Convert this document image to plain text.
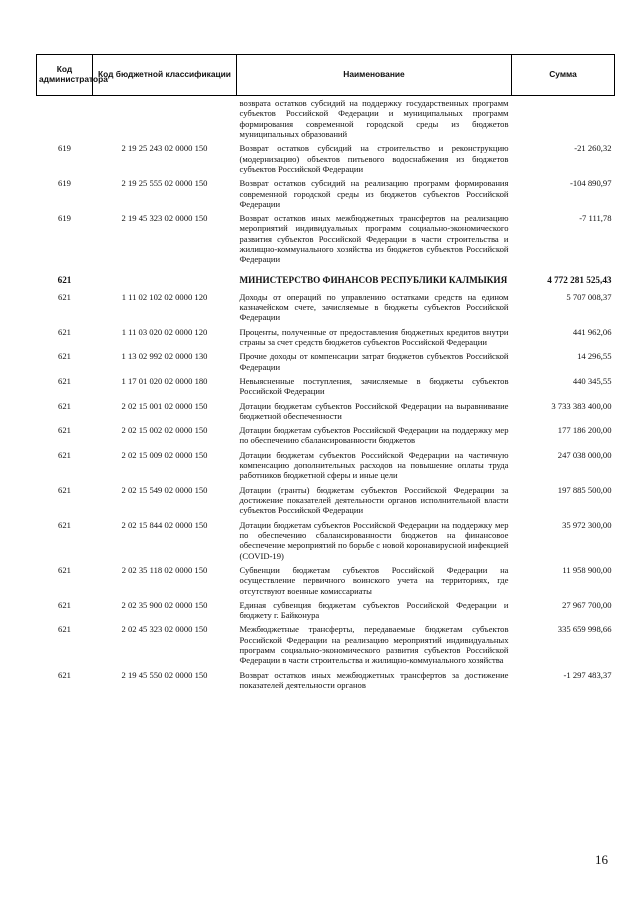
Код администратора	Код бюджетной классификации	Наименование	Сумма
		возврата остатков субсидий на поддержку государственных программ субъектов Российской Федерации и муниципальных программ формирования современной городской среды из бюджетов муниципальных образований	
619	2 19 25 243 02 0000 150	Возврат остатков субсидий на строительство и реконструкцию (модернизацию) объектов питьевого водоснабжения из бюджетов субъектов Российской Федерации	-21 260,32
619	2 19 25 555 02 0000 150	Возврат остатков субсидий на реализацию программ формирования современной городской среды из бюджетов субъектов Российской Федерации	-104 890,97
619	2 19 45 323 02 0000 150	Возврат остатков иных межбюджетных трансфертов на реализацию мероприятий индивидуальных программ социально-экономического развития субъектов Российской Федерации в части строительства и жилищно-коммунального хозяйства из бюджетов субъектов Российской Федерации	-7 111,78
621		МИНИСТЕРСТВО ФИНАНСОВ РЕСПУБЛИКИ КАЛМЫКИЯ	4 772 281 525,43
621	1 11 02 102 02 0000 120	Доходы от операций по управлению остатками средств на едином казначейском счете, зачисляемые в бюджеты субъектов Российской Федерации	5 707 008,37
621	1 11 03 020 02 0000 120	Проценты, полученные от предоставления бюджетных кредитов внутри страны за счет средств бюджетов субъектов Российской Федерации	441 962,06
621	1 13 02 992 02 0000 130	Прочие доходы от компенсации затрат бюджетов субъектов Российской Федерации	14 296,55
621	1 17 01 020 02 0000 180	Невыясненные поступления, зачисляемые в бюджеты субъектов Российской Федерации	440 345,55
621	2 02 15 001 02 0000 150	Дотации бюджетам субъектов Российской Федерации на выравнивание бюджетной обеспеченности	3 733 383 400,00
621	2 02 15 002 02 0000 150	Дотации бюджетам субъектов Российской Федерации на поддержку мер по обеспечению сбалансированности бюджетов	177 186 200,00
621	2 02 15 009 02 0000 150	Дотации бюджетам субъектов Российской Федерации на частичную компенсацию дополнительных расходов на повышение оплаты труда работников бюджетной сферы и иные цели	247 038 000,00
621	2 02 15 549 02 0000 150	Дотации (гранты) бюджетам субъектов Российской Федерации за достижение показателей деятельности органов исполнительной власти субъектов Российской Федерации	197 885 500,00
621	2 02 15 844 02 0000 150	Дотации бюджетам субъектов Российской Федерации на поддержку мер по обеспечению сбалансированности бюджетов на финансовое обеспечение мероприятий по борьбе с новой коронавирусной инфекцией (COVID-19)	35 972 300,00
621	2 02 35 118 02 0000 150	Субвенции бюджетам субъектов Российской Федерации на осуществление первичного воинского учета на территориях, где отсутствуют военные комиссариаты	11 958 900,00
621	2 02 35 900 02 0000 150	Единая субвенция бюджетам субъектов Российской Федерации и бюджету г. Байконура	27 967 700,00
621	2 02 45 323 02 0000 150	Межбюджетные трансферты, передаваемые бюджетам субъектов Российской Федерации на реализацию мероприятий индивидуальных программ социально-экономического развития субъектов Российской Федерации в части строительства и жилищно-коммунального хозяйства	335 659 998,66
621	2 19 45 550 02 0000 150	Возврат остатков иных межбюджетных трансфертов за достижение показателей деятельности органов	-1 297 483,37
16
